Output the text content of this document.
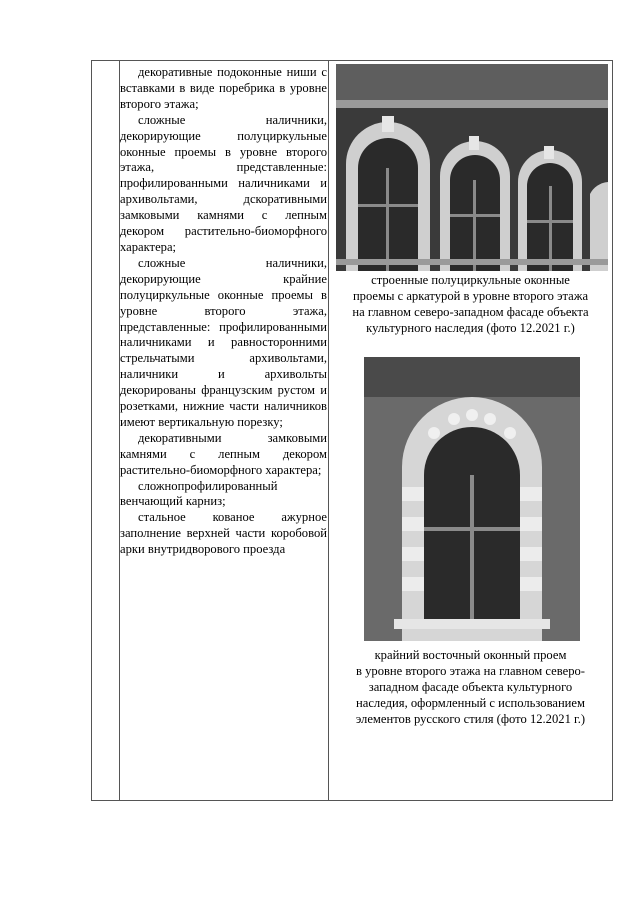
декоративные подоконные ниши с вставками в виде поребрика в уровне второго этажа;

сложные наличники, декорирующие полуциркульные оконные проемы в уровне второго этажа, представленные: профилированными наличниками и архивольтами, дскоративными замковыми камнями с лепным декором растительно-биоморфного характера;

сложные наличники, декорирующие крайние полуциркульные оконные проемы в уровне второго этажа, представленные: профилированными наличниками и равносторонними стрельчатыми архивольтами, наличники и архивольты декорированы французским рустом и розетками, нижние части наличников имеют вертикальную порезку;

декоративными замковыми камнями с лепным декором растительно-биоморфного характера;

сложнопрофилированный венчающий карниз;

стальное кованое ажурное заполнение верхней части коробовой арки внутридворового проезда

строенные полуциркульные оконные
проемы с аркатурой в уровне второго этажа
на главном северо-западном фасаде объекта
культурного наследия (фото 12.2021 г.)
крайний восточный оконный проем
в уровне второго этажа на главном северо-
западном фасаде объекта культурного
наследия, оформленный с использованием
элементов русского стиля (фото 12.2021 г.)
